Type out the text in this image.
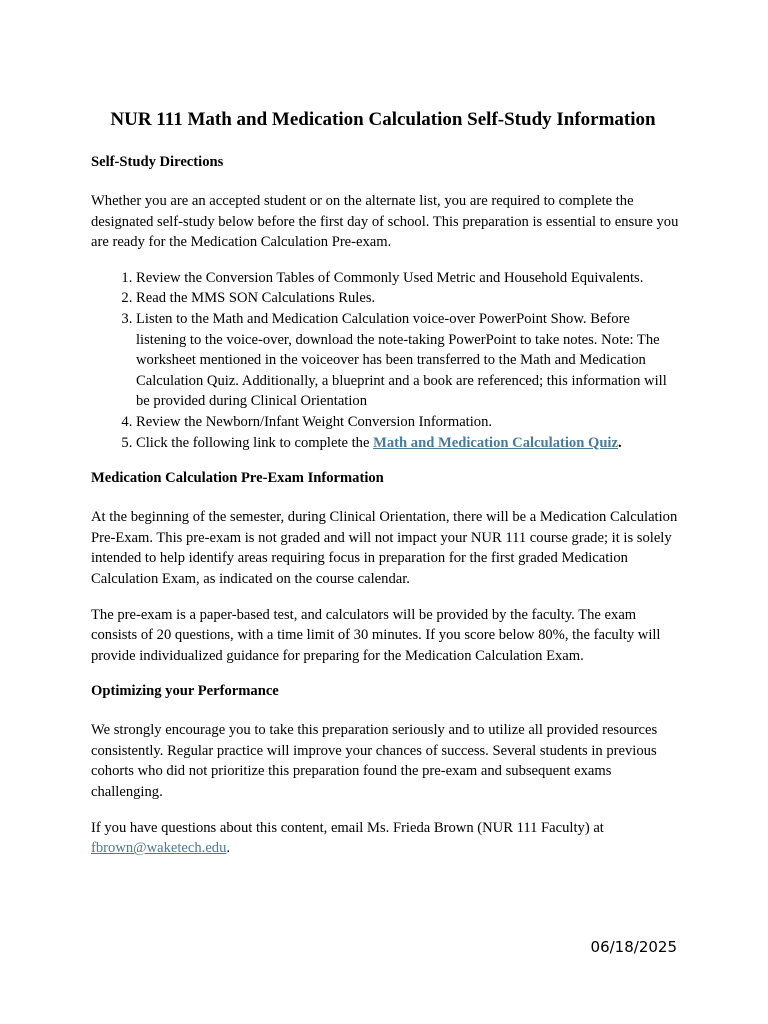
NUR 111 Math and Medication Calculation Self-Study Information
Self-Study Directions

Whether you are an accepted student or on the alternate list, you are required to complete the designated self-study below before the first day of school. This preparation is essential to ensure you are ready for the Medication Calculation Pre-exam.

1. Review the Conversion Tables of Commonly Used Metric and Household Equivalents.
2. Read the MMS SON Calculations Rules.
3. Listen to the Math and Medication Calculation voice-over PowerPoint Show. Before listening to the voice-over, download the note-taking PowerPoint to take notes. Note: The worksheet mentioned in the voiceover has been transferred to the Math and Medication Calculation Quiz. Additionally, a blueprint and a book are referenced; this information will be provided during Clinical Orientation
4. Review the Newborn/Infant Weight Conversion Information.
5. Click the following link to complete the Math and Medication Calculation Quiz.
Medication Calculation Pre-Exam Information

At the beginning of the semester, during Clinical Orientation, there will be a Medication Calculation Pre-Exam. This pre-exam is not graded and will not impact your NUR 111 course grade; it is solely intended to help identify areas requiring focus in preparation for the first graded Medication Calculation Exam, as indicated on the course calendar.

The pre-exam is a paper-based test, and calculators will be provided by the faculty. The exam consists of 20 questions, with a time limit of 30 minutes. If you score below 80%, the faculty will provide individualized guidance for preparing for the Medication Calculation Exam.

Optimizing your Performance

We strongly encourage you to take this preparation seriously and to utilize all provided resources consistently. Regular practice will improve your chances of success. Several students in previous cohorts who did not prioritize this preparation found the pre-exam and subsequent exams challenging.

If you have questions about this content, email Ms. Frieda Brown (NUR 111 Faculty) at fbrown@waketech.edu.

06/18/2025
